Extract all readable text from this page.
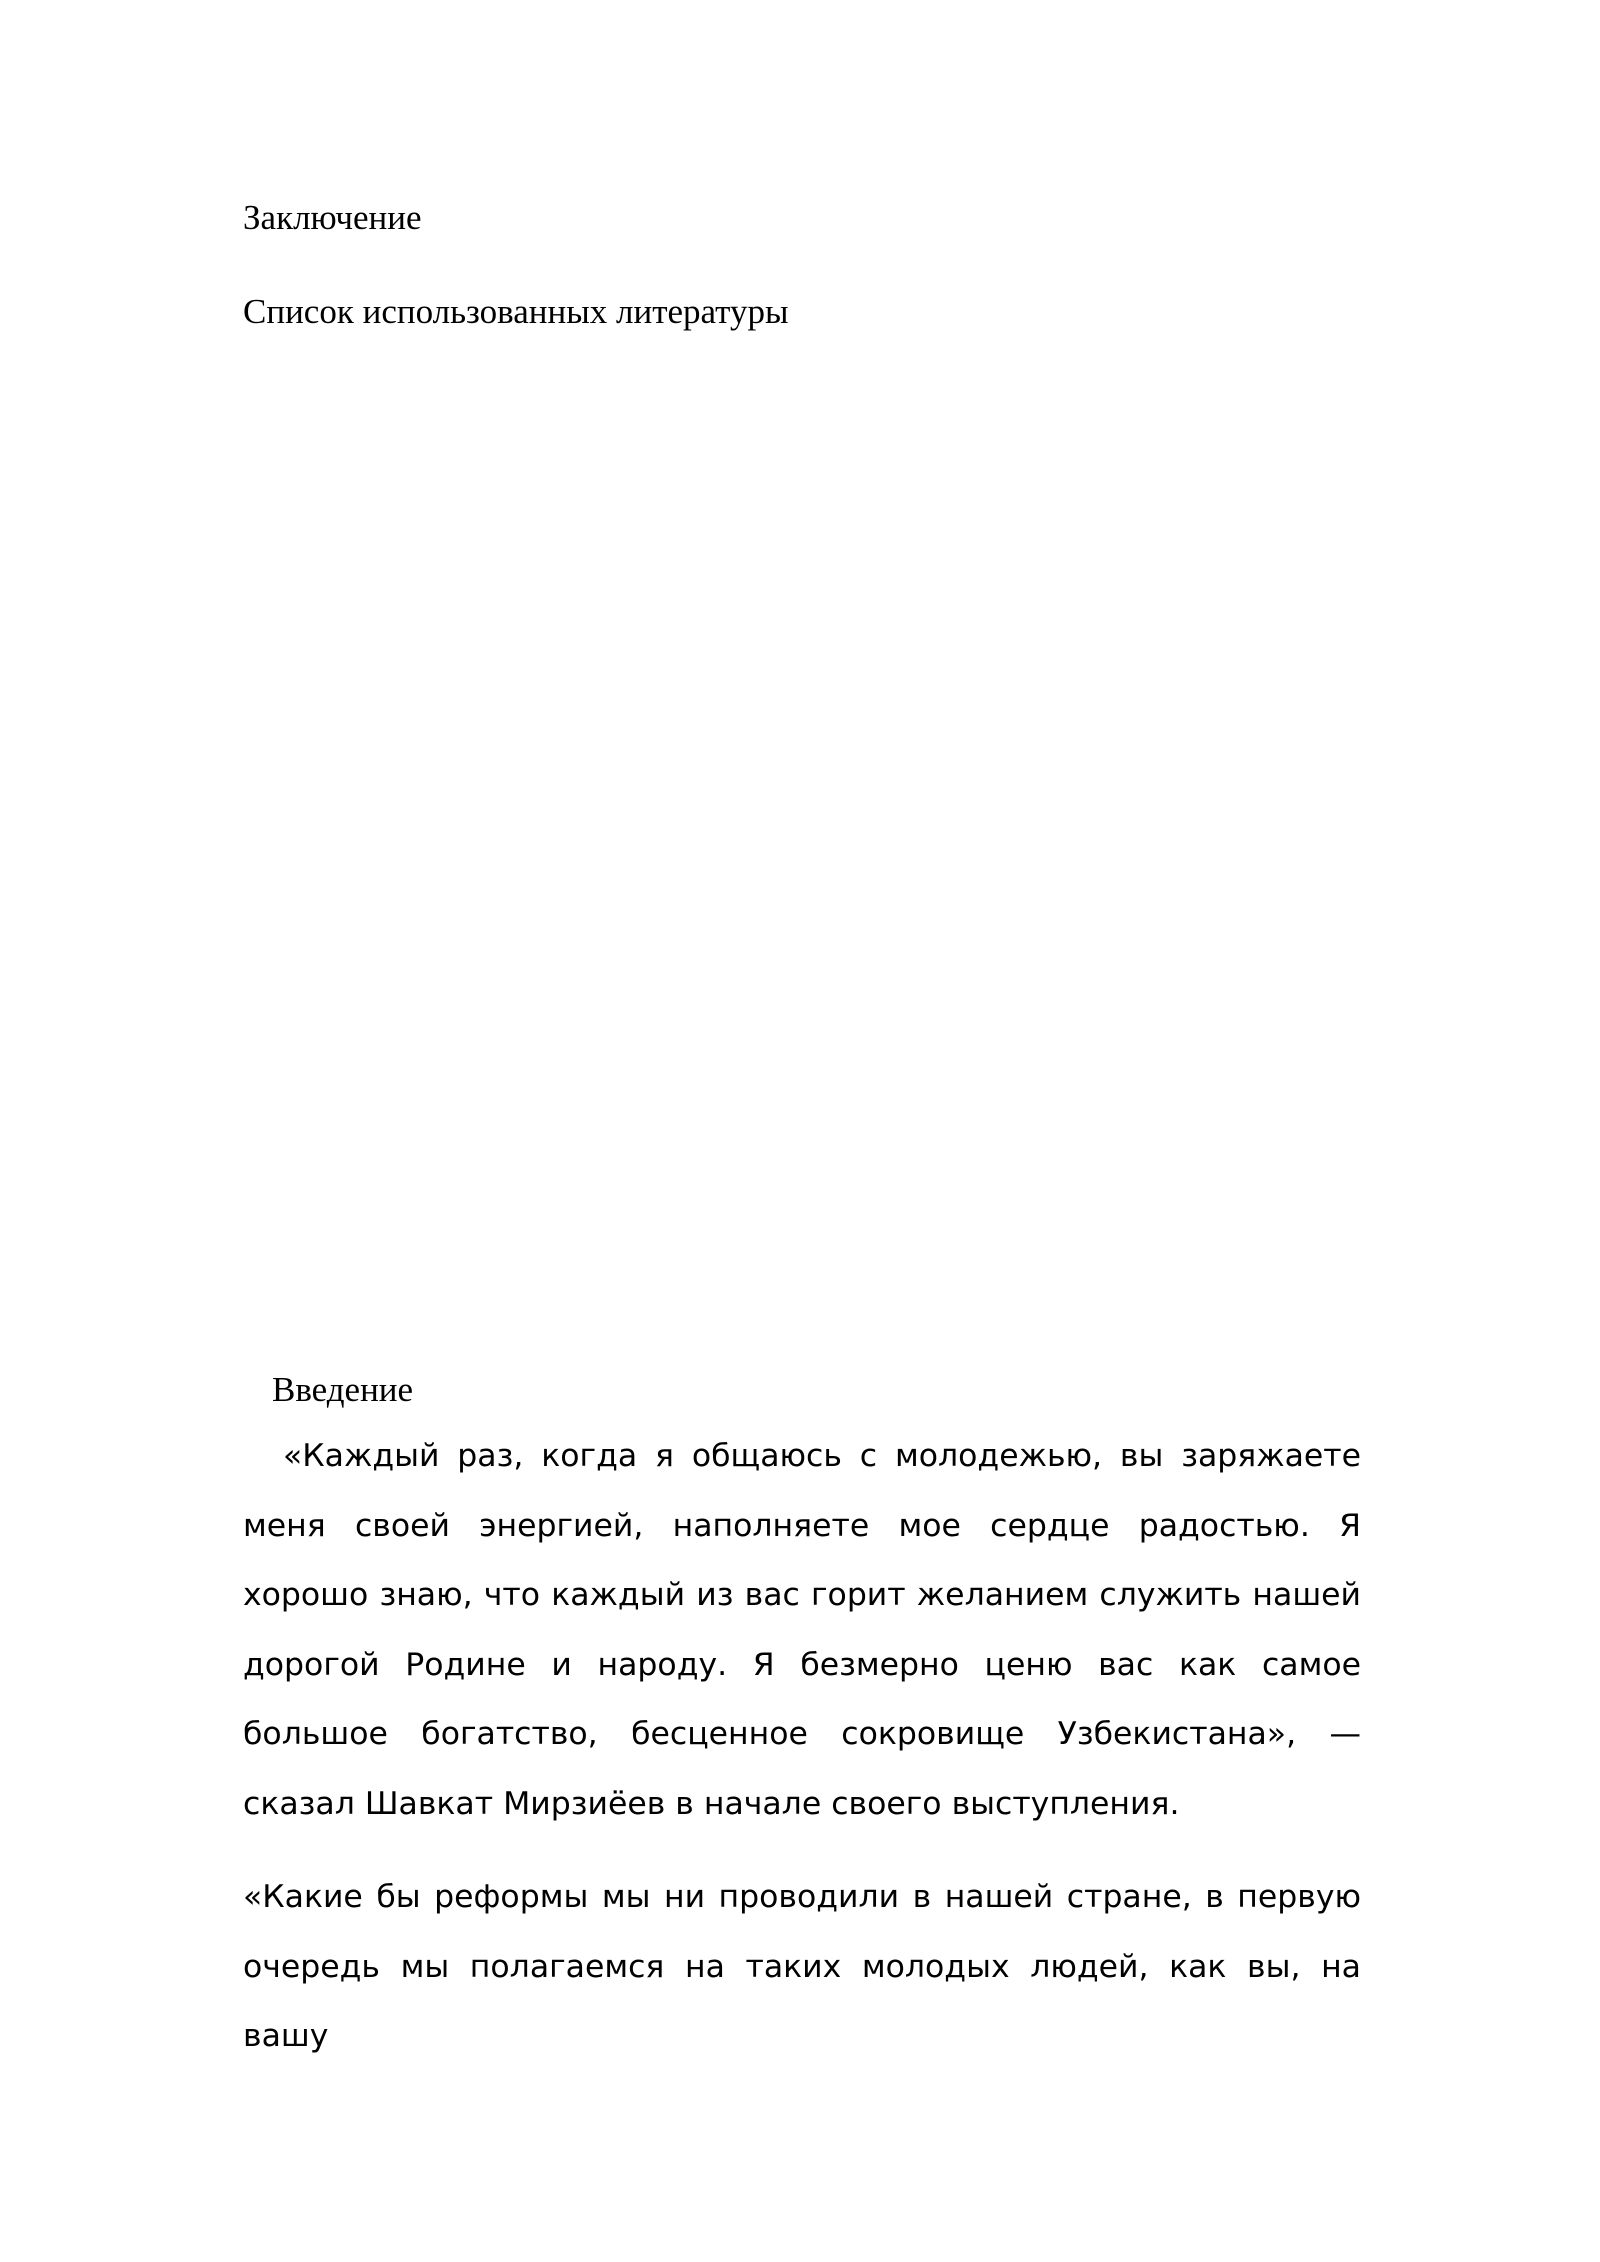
Заключение
Список использованных литературы
Введение

«Каждый раз, когда я общаюсь с молодежью, вы заряжаете меня своей энергией, наполняете мое сердце радостью. Я хорошо знаю, что каждый из вас горит желанием служить нашей дорогой Родине и народу. Я безмерно ценю вас как самое большое богатство, бесценное сокровище Узбекистана», — сказал Шавкат Мирзиёев в начале своего выступления.

«Какие бы реформы мы ни проводили в нашей стране, в первую очередь мы полагаемся на таких молодых людей, как вы, на вашу
